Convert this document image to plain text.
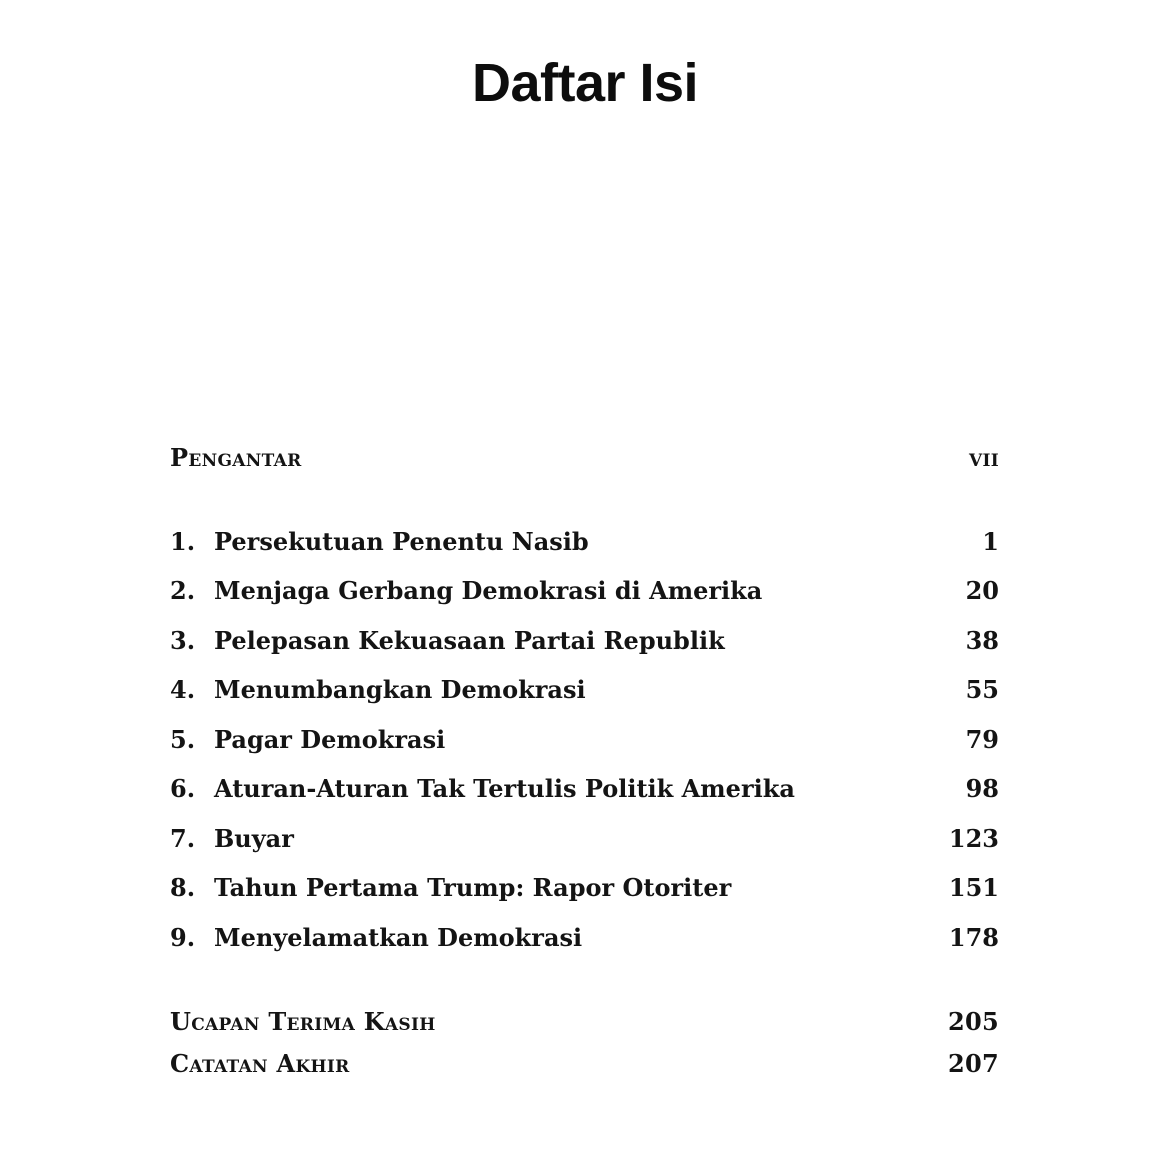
Daftar Isi
Pengantar	vii
1. Persekutuan Penentu Nasib	1
2. Menjaga Gerbang Demokrasi di Amerika	20
3. Pelepasan Kekuasaan Partai Republik	38
4. Menumbangkan Demokrasi	55
5. Pagar Demokrasi	79
6. Aturan-Aturan Tak Tertulis Politik Amerika	98
7. Buyar	123
8. Tahun Pertama Trump: Rapor Otoriter	151
9. Menyelamatkan Demokrasi	178
Ucapan Terima Kasih	205
Catatan Akhir	207
